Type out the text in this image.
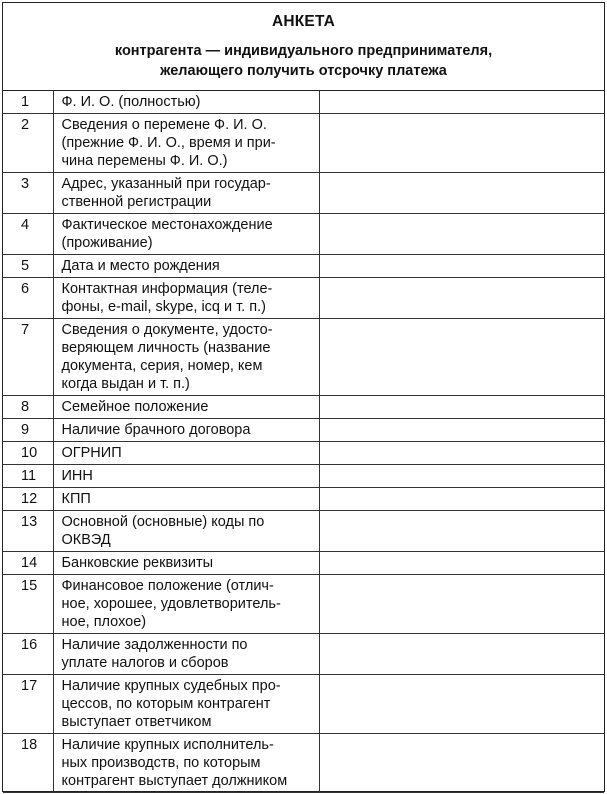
АНКЕТА
контрагента — индивидуального предпринимателя,
желающего получить отсрочку платежа
1	Ф. И. О. (полностью)	

2	Сведения о перемене Ф. И. О.
(прежние Ф. И. О., время и при-
чина перемены Ф. И. О.)	

3	Адрес, указанный при государ-
ственной регистрации	

4	Фактическое местонахождение
(проживание)	

5	Дата и место рождения	

6	Контактная информация (теле-
фоны, e-mail, skype, icq и т. п.)	

7	Сведения о документе, удосто-
веряющем личность (название
документа, серия, номер, кем
когда выдан и т. п.)	

8	Семейное положение	

9	Наличие брачного договора	

10	ОГРНИП	

11	ИНН	

12	КПП	

13	Основной (основные) коды по
ОКВЭД	

14	Банковские реквизиты	

15	Финансовое положение (отлич-
ное, хорошее, удовлетворитель-
ное, плохое)	

16	Наличие задолженности по
уплате налогов и сборов	

17	Наличие крупных судебных про-
цессов, по которым контрагент
выступает ответчиком	

18	Наличие крупных исполнитель-
ных производств, по которым
контрагент выступает должником	
